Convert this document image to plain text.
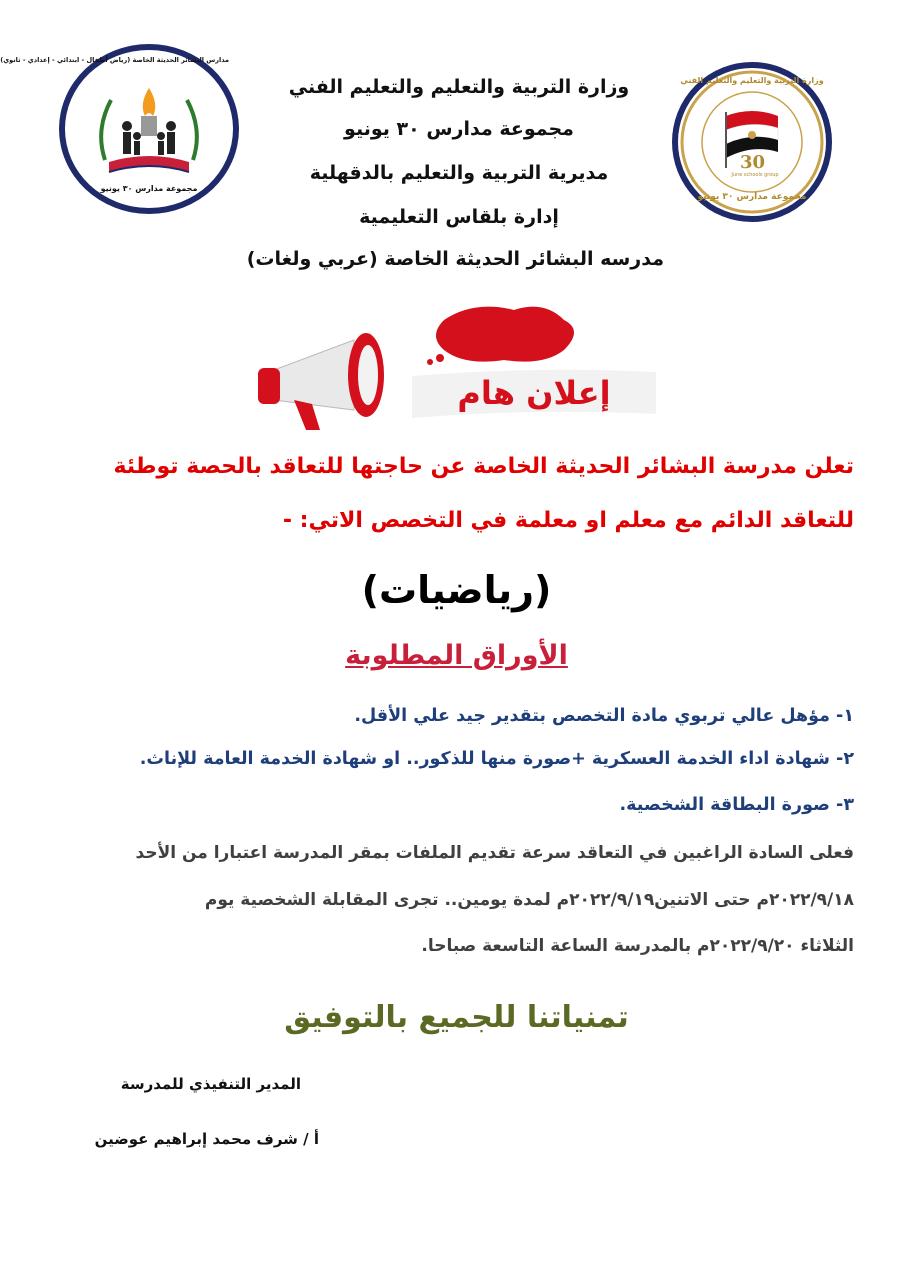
30
June schools group
وزارة التربية والتعليم والتعليم الفني
مجموعة مدارس ٣٠ يونيو
مدارس البشائر الحديثة الخاصة (رياض أطفال - ابتدائي - إعدادي - ثانوي)
مجموعة مدارس ٣٠ يونيو
وزارة التربية والتعليم والتعليم الفني
مجموعة مدارس ٣٠ يونيو
مديرية التربية والتعليم بالدقهلية
إدارة بلقاس التعليمية
مدرسه البشائر الحديثة الخاصة (عربي ولغات)
إعلان هام
تعلن مدرسة البشائر الحديثة الخاصة عن حاجتها للتعاقد بالحصة توطئة
للتعاقد الدائم مع معلم او معلمة في التخصص الاتي: -
(رياضيات)
الأوراق المطلوبة
١- مؤهل عالي تربوي مادة التخصص بتقدير جيد علي الأقل.
٢- شهادة اداء الخدمة العسكرية +صورة منها للذكور.. او شهادة الخدمة العامة للإناث.
٣- صورة البطاقة الشخصية.
فعلى السادة الراغبين في التعاقد سرعة تقديم الملفات بمقر المدرسة اعتبارا من الأحد
٢٠٢٢/٩/١٨م حتى الاتنين٢٠٢٢/٩/١٩م لمدة يومين.. تجرى المقابلة الشخصية يوم
الثلاثاء ٢٠٢٢/٩/٢٠م بالمدرسة الساعة التاسعة صباحا.
تمنياتنا للجميع بالتوفيق
المدير التنفيذي للمدرسة
أ / شرف محمد إبراهيم عوضين
